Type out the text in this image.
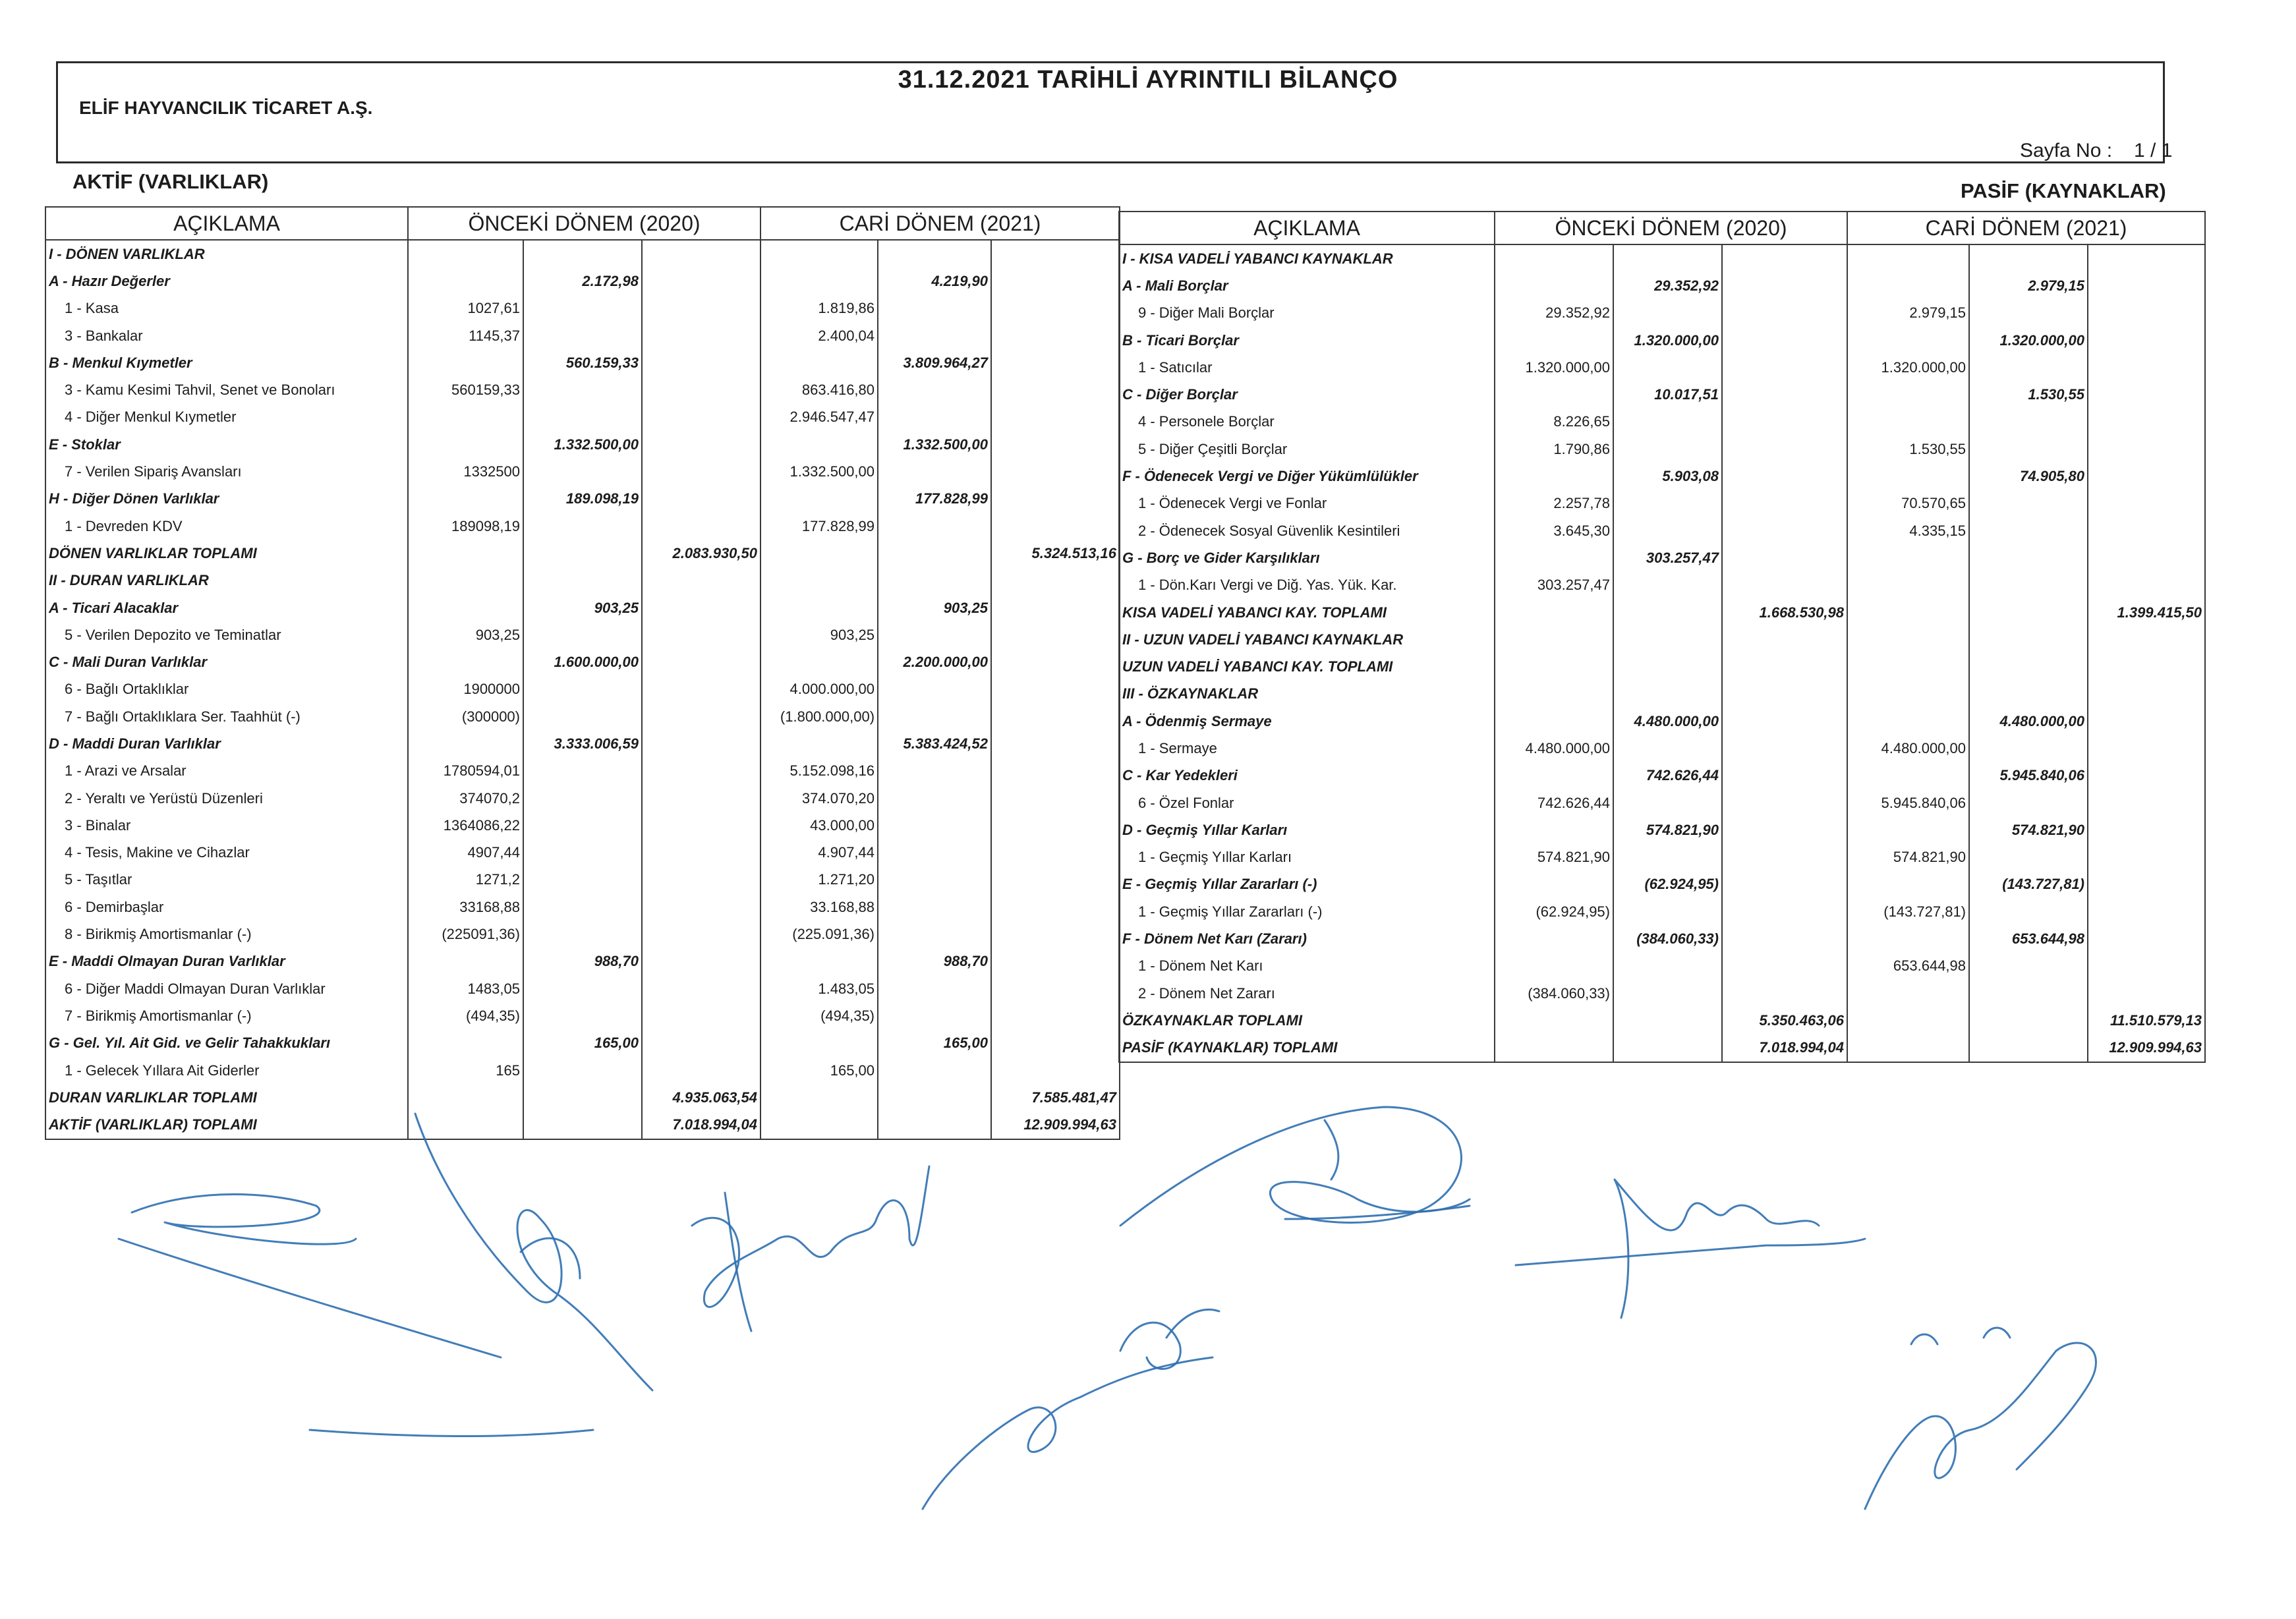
31.12.2021 TARİHLİ AYRINTILI BİLANÇO
ELİF HAYVANCILIK TİCARET A.Ş.
Sayfa No : 1 / 1
AKTİF (VARLIKLAR)	PASİF (KAYNAKLAR)
AÇIKLAMA	ÖNCEKİ DÖNEM (2020)			CARİ DÖNEM (2021)		
I - DÖNEN VARLIKLAR						
A - Hazır Değerler		2.172,98			4.219,90	
1 - Kasa	1027,61			1.819,86		
3 - Bankalar	1145,37			2.400,04		
B - Menkul Kıymetler		560.159,33			3.809.964,27	
3 - Kamu Kesimi Tahvil, Senet ve Bonoları	560159,33			863.416,80		
4 - Diğer Menkul Kıymetler				2.946.547,47		
E - Stoklar		1.332.500,00			1.332.500,00	
7 - Verilen Sipariş Avansları	1332500			1.332.500,00		
H - Diğer Dönen Varlıklar		189.098,19			177.828,99	
1 - Devreden KDV	189098,19			177.828,99		
DÖNEN VARLIKLAR TOPLAMI			2.083.930,50			5.324.513,16
II - DURAN VARLIKLAR						
A - Ticari Alacaklar		903,25			903,25	
5 - Verilen Depozito ve Teminatlar	903,25			903,25		
C - Mali Duran Varlıklar		1.600.000,00			2.200.000,00	
6 - Bağlı Ortaklıklar	1900000			4.000.000,00		
7 - Bağlı Ortaklıklara Ser. Taahhüt (-)	(300000)			(1.800.000,00)		
D - Maddi Duran Varlıklar		3.333.006,59			5.383.424,52	
1 - Arazi ve Arsalar	1780594,01			5.152.098,16		
2 - Yeraltı ve Yerüstü Düzenleri	374070,2			374.070,20		
3 - Binalar	1364086,22			43.000,00		
4 - Tesis, Makine ve Cihazlar	4907,44			4.907,44		
5 - Taşıtlar	1271,2			1.271,20		
6 - Demirbaşlar	33168,88			33.168,88		
8 - Birikmiş Amortismanlar (-)	(225091,36)			(225.091,36)		
E - Maddi Olmayan Duran Varlıklar		988,70			988,70	
6 - Diğer Maddi Olmayan Duran Varlıklar	1483,05			1.483,05		
7 - Birikmiş Amortismanlar (-)	(494,35)			(494,35)		
G - Gel. Yıl. Ait Gid. ve Gelir Tahakkukları		165,00			165,00	
1 - Gelecek Yıllara Ait Giderler	165			165,00		
DURAN VARLIKLAR TOPLAMI			4.935.063,54			7.585.481,47
AKTİF (VARLIKLAR) TOPLAMI			7.018.994,04			12.909.994,63
AÇIKLAMA	ÖNCEKİ DÖNEM (2020)			CARİ DÖNEM (2021)		
I - KISA VADELİ YABANCI KAYNAKLAR						
A - Mali Borçlar		29.352,92			2.979,15	
9 - Diğer Mali Borçlar	29.352,92			2.979,15		
B - Ticari Borçlar		1.320.000,00			1.320.000,00	
1 - Satıcılar	1.320.000,00			1.320.000,00		
C - Diğer Borçlar		10.017,51			1.530,55	
4 - Personele Borçlar	8.226,65					
5 - Diğer Çeşitli Borçlar	1.790,86			1.530,55		
F - Ödenecek Vergi ve Diğer Yükümlülükler		5.903,08			74.905,80	
1 - Ödenecek Vergi ve Fonlar	2.257,78			70.570,65		
2 - Ödenecek Sosyal Güvenlik Kesintileri	3.645,30			4.335,15		
G - Borç ve Gider Karşılıkları		303.257,47				
1 - Dön.Karı Vergi ve Diğ. Yas. Yük. Kar.	303.257,47					
KISA VADELİ YABANCI KAY. TOPLAMI			1.668.530,98			1.399.415,50
II - UZUN VADELİ YABANCI KAYNAKLAR						
UZUN VADELİ YABANCI KAY. TOPLAMI						
III - ÖZKAYNAKLAR						
A - Ödenmiş Sermaye		4.480.000,00			4.480.000,00	
1 - Sermaye	4.480.000,00			4.480.000,00		
C - Kar Yedekleri		742.626,44			5.945.840,06	
6 - Özel Fonlar	742.626,44			5.945.840,06		
D - Geçmiş Yıllar Karları		574.821,90			574.821,90	
1 - Geçmiş Yıllar Karları	574.821,90			574.821,90		
E - Geçmiş Yıllar Zararları (-)		(62.924,95)			(143.727,81)	
1 - Geçmiş Yıllar Zararları (-)	(62.924,95)			(143.727,81)		
F - Dönem Net Karı (Zararı)		(384.060,33)			653.644,98	
1 - Dönem Net Karı				653.644,98		
2 - Dönem Net Zararı	(384.060,33)					
ÖZKAYNAKLAR TOPLAMI			5.350.463,06			11.510.579,13
PASİF (KAYNAKLAR) TOPLAMI			7.018.994,04			12.909.994,63
